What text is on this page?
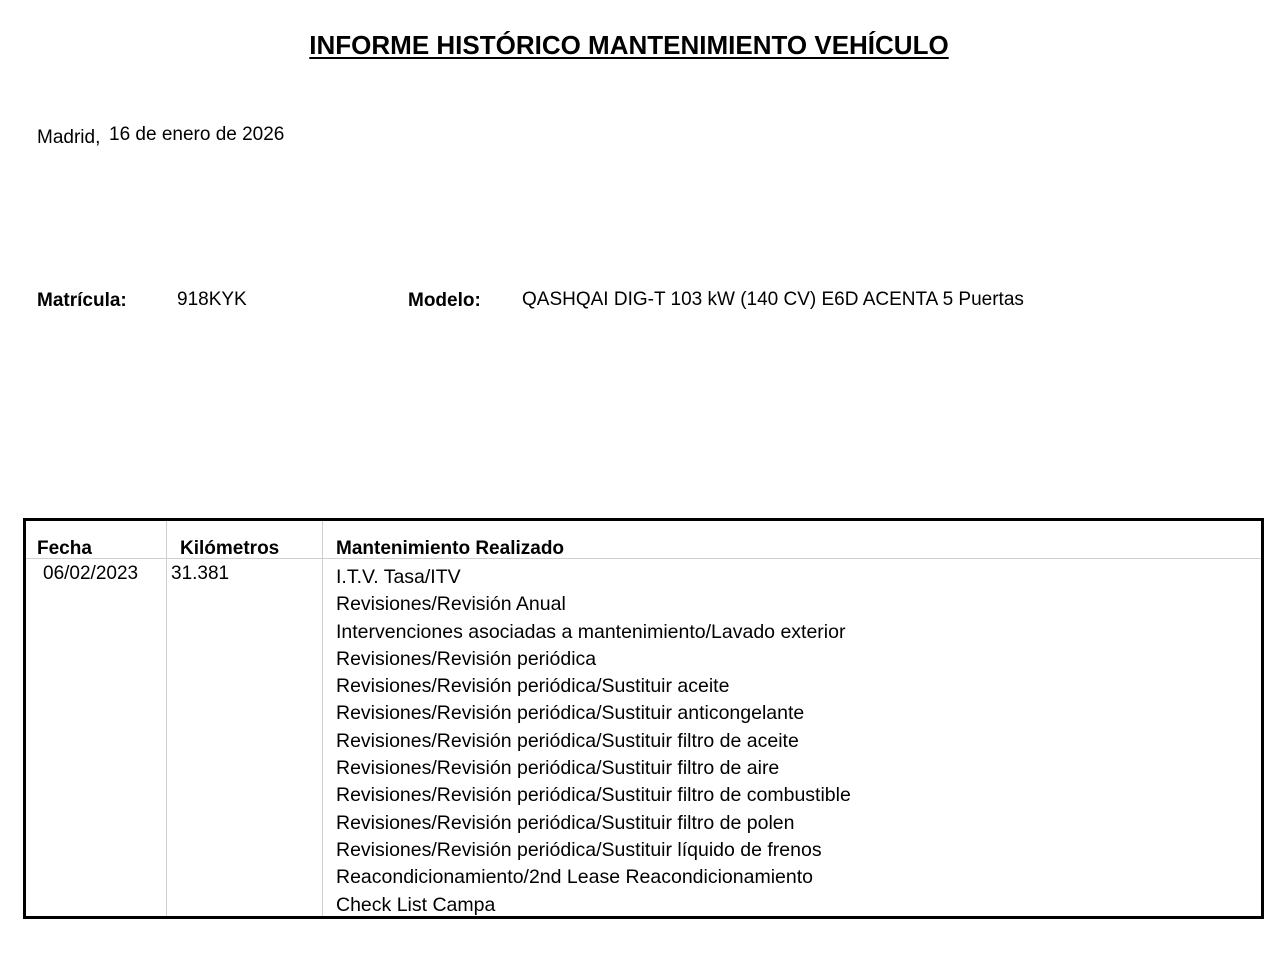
INFORME HISTÓRICO MANTENIMIENTO VEHÍCULO
Madrid, 16 de enero de 2026
Matrícula:	918KYK	Modelo: QASHQAI DIG-T 103 kW (140 CV) E6D ACENTA 5 Puertas
Fecha	Kilómetros	Mantenimiento Realizado
06/02/2023 31.381	I.T.V. Tasa/ITV
Revisiones/Revisión Anual
Intervenciones asociadas a mantenimiento/Lavado exterior
Revisiones/Revisión periódica
Revisiones/Revisión periódica/Sustituir aceite
Revisiones/Revisión periódica/Sustituir anticongelante
Revisiones/Revisión periódica/Sustituir filtro de aceite
Revisiones/Revisión periódica/Sustituir filtro de aire
Revisiones/Revisión periódica/Sustituir filtro de combustible
Revisiones/Revisión periódica/Sustituir filtro de polen
Revisiones/Revisión periódica/Sustituir líquido de frenos
Reacondicionamiento/2nd Lease Reacondicionamiento
Check List Campa
